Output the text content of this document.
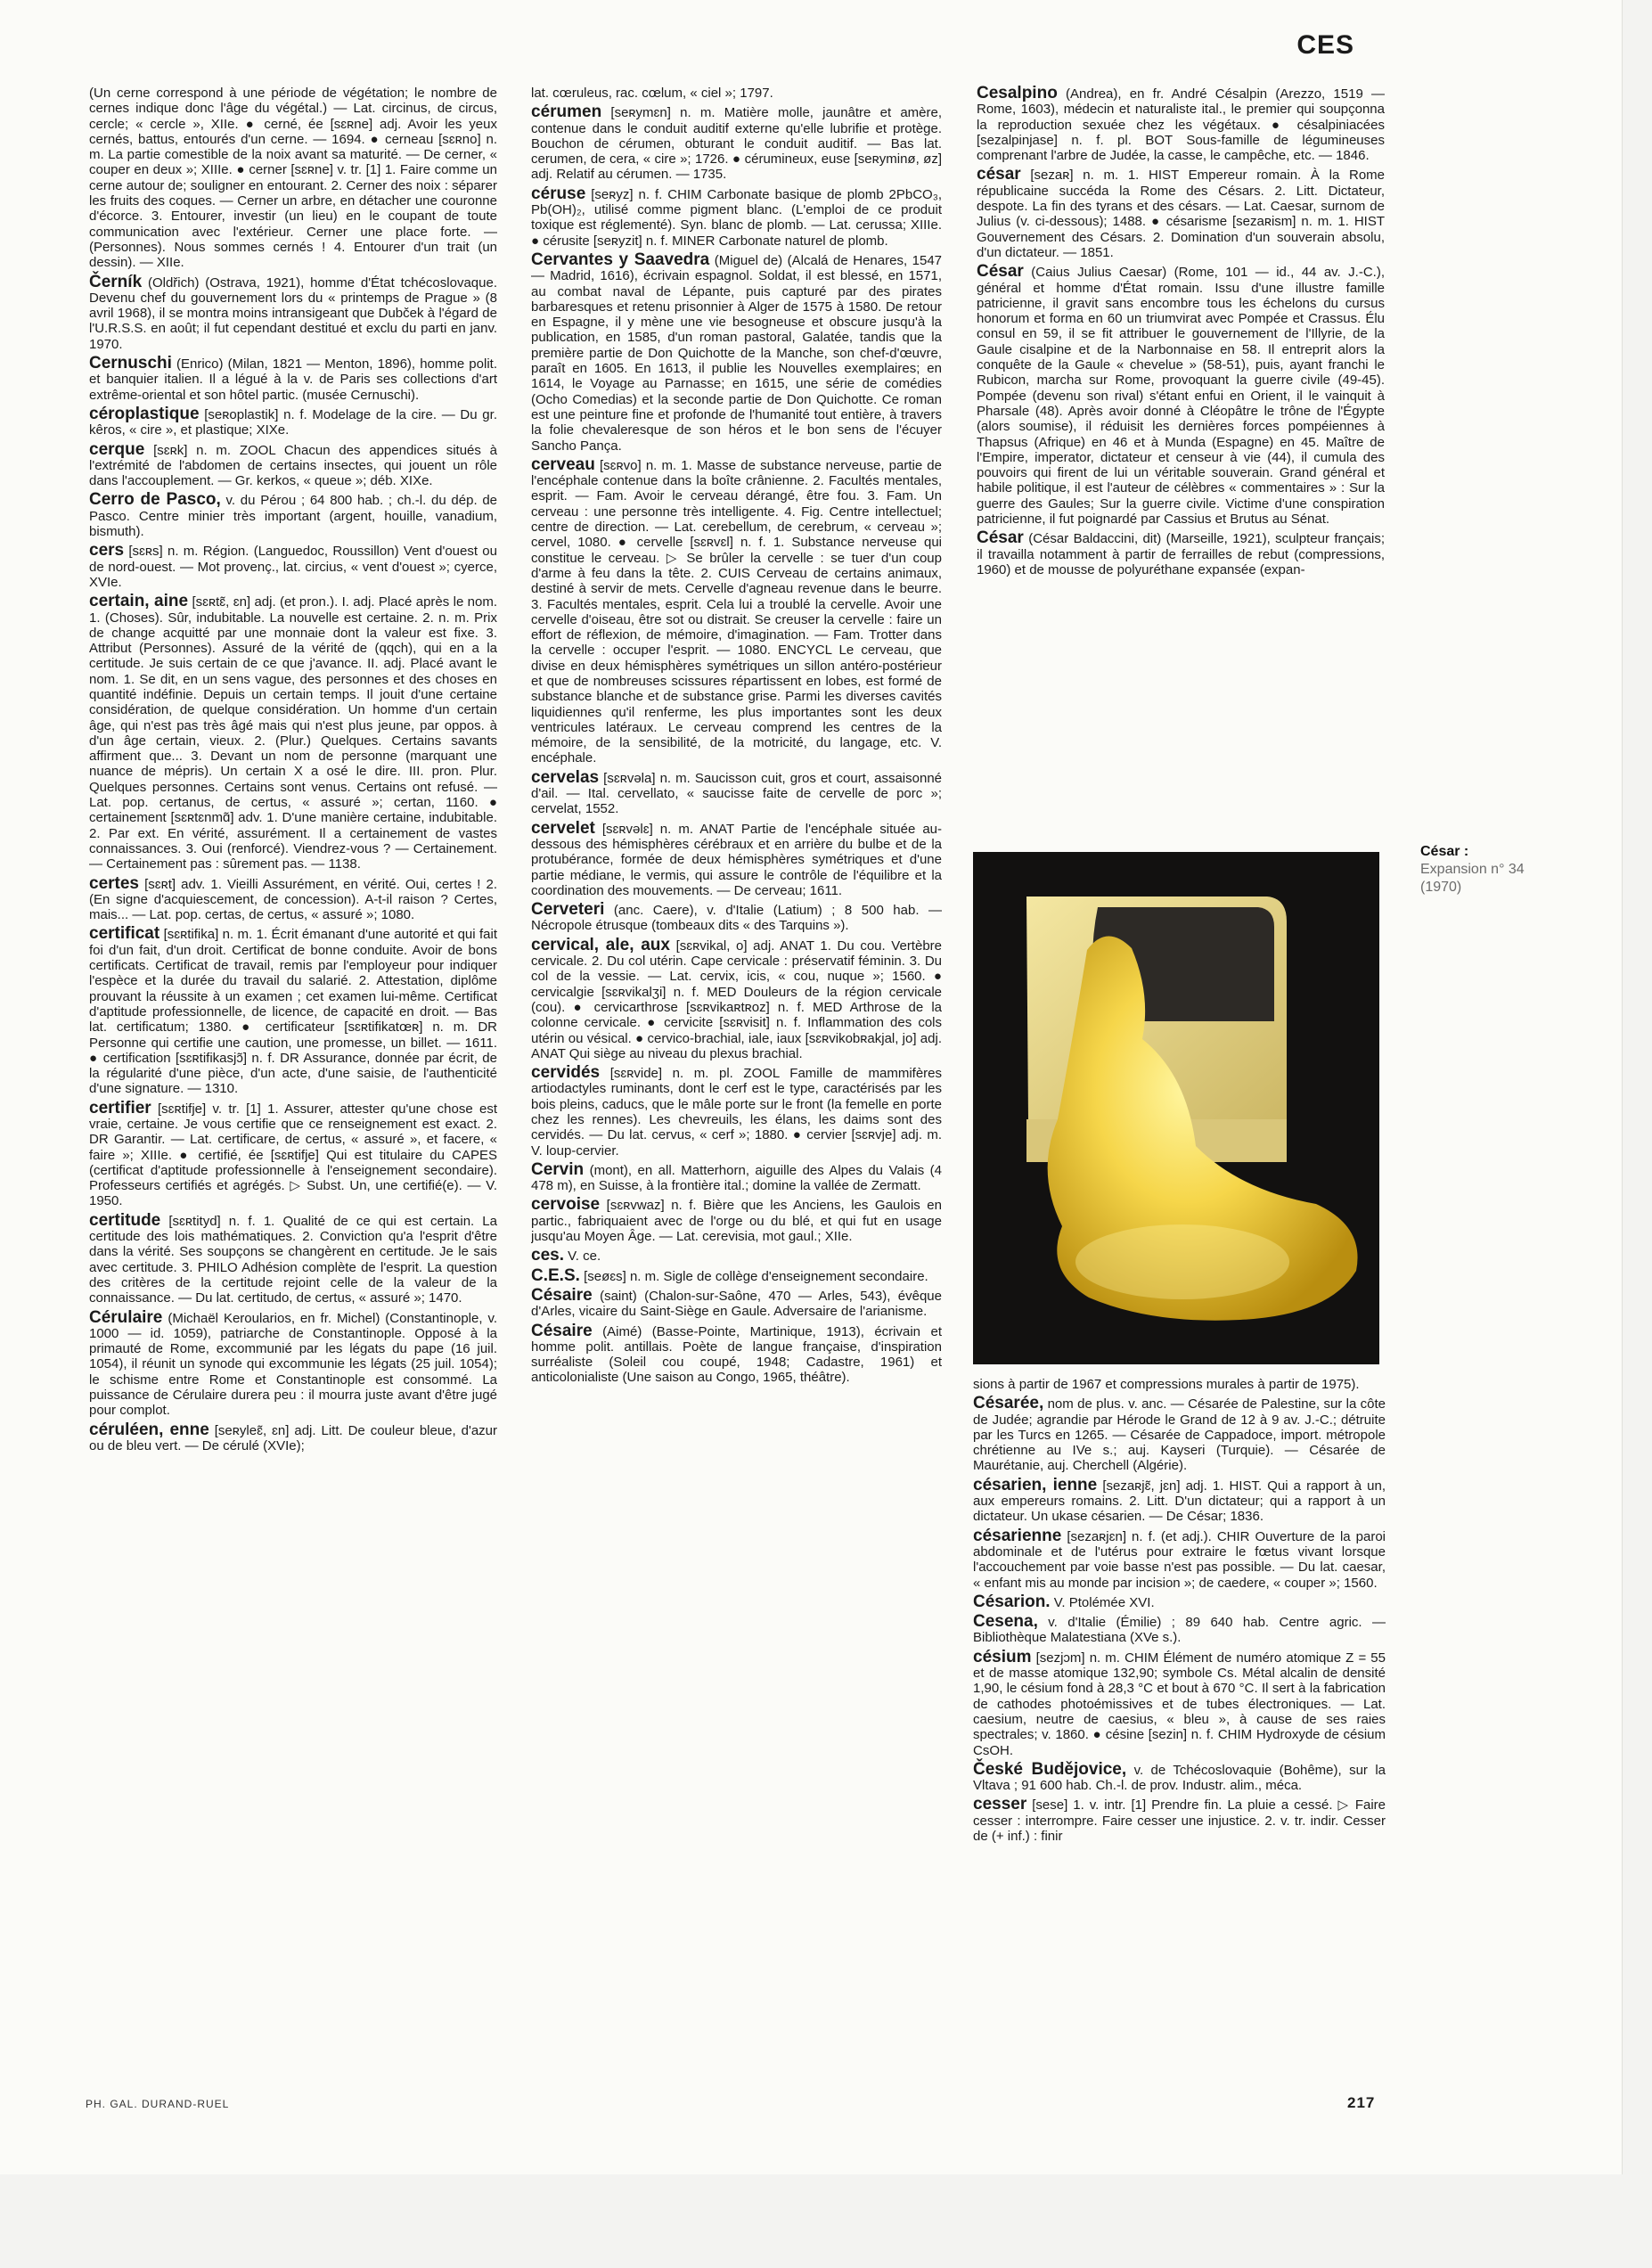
CES

(Un cerne correspond à une période de végétation; le nombre de cernes indique donc l'âge du végétal.) — Lat. circinus, de circus, cercle; « cercle », XIIe. ● cerné, ée [sɛʀne] adj. Avoir les yeux cernés, battus, entourés d'un cerne. — 1694. ● cerneau [sɛʀno] n. m. La partie comestible de la noix avant sa maturité. — De cerner, « couper en deux »; XIIIe. ● cerner [sɛʀne] v. tr. [1] 1. Faire comme un cerne autour de; souligner en entourant. 2. Cerner des noix : séparer les fruits des coques. — Cerner un arbre, en détacher une couronne d'écorce. 3. Entourer, investir (un lieu) en le coupant de toute communication avec l'extérieur. Cerner une place forte. — (Personnes). Nous sommes cernés ! 4. Entourer d'un trait (un dessin). — XIIe.

Černík (Oldřich) (Ostrava, 1921), homme d'État tchécoslovaque. Devenu chef du gouvernement lors du « printemps de Prague » (8 avril 1968), il se montra moins intransigeant que Dubček à l'égard de l'U.R.S.S. en août; il fut cependant destitué et exclu du parti en janv. 1970.

Cernuschi (Enrico) (Milan, 1821 — Menton, 1896), homme polit. et banquier italien. Il a légué à la v. de Paris ses collections d'art extrême-oriental et son hôtel partic. (musée Cernuschi).

céroplastique [seʀoplastik] n. f. Modelage de la cire. — Du gr. kêros, « cire », et plastique; XIXe.

cerque [sɛʀk] n. m. ZOOL Chacun des appendices situés à l'extrémité de l'abdomen de certains insectes, qui jouent un rôle dans l'accouplement. — Gr. kerkos, « queue »; déb. XIXe.

Cerro de Pasco, v. du Pérou ; 64 800 hab. ; ch.-l. du dép. de Pasco. Centre minier très important (argent, houille, vanadium, bismuth).

cers [sɛʀs] n. m. Région. (Languedoc, Roussillon) Vent d'ouest ou de nord-ouest. — Mot provenç., lat. circius, « vent d'ouest »; cyerce, XVIe.

certain, aine [sɛʀtɛ̃, ɛn] adj. (et pron.). I. adj. Placé après le nom. 1. (Choses). Sûr, indubitable. La nouvelle est certaine. 2. n. m. Prix de change acquitté par une monnaie dont la valeur est fixe. 3. Attribut (Personnes). Assuré de la vérité de (qqch), qui en a la certitude. Je suis certain de ce que j'avance. II. adj. Placé avant le nom. 1. Se dit, en un sens vague, des personnes et des choses en quantité indéfinie. Depuis un certain temps. Il jouit d'une certaine considération, de quelque considération. Un homme d'un certain âge, qui n'est pas très âgé mais qui n'est plus jeune, par oppos. à d'un âge certain, vieux. 2. (Plur.) Quelques. Certains savants affirment que... 3. Devant un nom de personne (marquant une nuance de mépris). Un certain X a osé le dire. III. pron. Plur. Quelques personnes. Certains sont venus. Certains ont refusé. — Lat. pop. certanus, de certus, « assuré »; certan, 1160. ● certainement [sɛʀtɛnmɑ̃] adv. 1. D'une manière certaine, indubitable. 2. Par ext. En vérité, assurément. Il a certainement de vastes connaissances. 3. Oui (renforcé). Viendrez-vous ? — Certainement. — Certainement pas : sûrement pas. — 1138.

certes [sɛʀt] adv. 1. Vieilli Assurément, en vérité. Oui, certes ! 2. (En signe d'acquiescement, de concession). A-t-il raison ? Certes, mais... — Lat. pop. certas, de certus, « assuré »; 1080.

certificat [sɛʀtifika] n. m. 1. Écrit émanant d'une autorité et qui fait foi d'un fait, d'un droit. Certificat de bonne conduite. Avoir de bons certificats. Certificat de travail, remis par l'employeur pour indiquer l'espèce et la durée du travail du salarié. 2. Attestation, diplôme prouvant la réussite à un examen ; cet examen lui-même. Certificat d'aptitude professionnelle, de licence, de capacité en droit. — Bas lat. certificatum; 1380. ● certificateur [sɛʀtifikatœʀ] n. m. DR Personne qui certifie une caution, une promesse, un billet. — 1611. ● certification [sɛʀtifikasjɔ̃] n. f. DR Assurance, donnée par écrit, de la régularité d'une pièce, d'un acte, d'une saisie, de l'authenticité d'une signature. — 1310.

certifier [sɛʀtifje] v. tr. [1] 1. Assurer, attester qu'une chose est vraie, certaine. Je vous certifie que ce renseignement est exact. 2. DR Garantir. — Lat. certificare, de certus, « assuré », et facere, « faire »; XIIIe. ● certifié, ée [sɛʀtifje] Qui est titulaire du CAPES (certificat d'aptitude professionnelle à l'enseignement secondaire). Professeurs certifiés et agrégés. ▷ Subst. Un, une certifié(e). — V. 1950.

certitude [sɛʀtityd] n. f. 1. Qualité de ce qui est certain. La certitude des lois mathématiques. 2. Conviction qu'a l'esprit d'être dans la vérité. Ses soupçons se changèrent en certitude. Je le sais avec certitude. 3. PHILO Adhésion complète de l'esprit. La question des critères de la certitude rejoint celle de la valeur de la connaissance. — Du lat. certitudo, de certus, « assuré »; 1470.

Cérulaire (Michaël Keroularios, en fr. Michel) (Constantinople, v. 1000 — id. 1059), patriarche de Constantinople. Opposé à la primauté de Rome, excommunié par les légats du pape (16 juil. 1054), il réunit un synode qui excommunie les légats (25 juil. 1054); le schisme entre Rome et Constantinople est consommé. La puissance de Cérulaire durera peu : il mourra juste avant d'être jugé pour complot.

céruléen, enne [seʀyleɛ̃, ɛn] adj. Litt. De couleur bleue, d'azur ou de bleu vert. — De cérulé (XVIe);

lat. cœruleus, rac. cœlum, « ciel »; 1797.

cérumen [seʀymɛn] n. m. Matière molle, jaunâtre et amère, contenue dans le conduit auditif externe qu'elle lubrifie et protège. Bouchon de cérumen, obturant le conduit auditif. — Bas lat. cerumen, de cera, « cire »; 1726. ● cérumineux, euse [seʀyminø, øz] adj. Relatif au cérumen. — 1735.

céruse [seʀyz] n. f. CHIM Carbonate basique de plomb 2PbCO₃, Pb(OH)₂, utilisé comme pigment blanc. (L'emploi de ce produit toxique est réglementé). Syn. blanc de plomb. — Lat. cerussa; XIIIe. ● cérusite [seʀyzit] n. f. MINER Carbonate naturel de plomb.

Cervantes y Saavedra (Miguel de) (Alcalá de Henares, 1547 — Madrid, 1616), écrivain espagnol. Soldat, il est blessé, en 1571, au combat naval de Lépante, puis capturé par des pirates barbaresques et retenu prisonnier à Alger de 1575 à 1580. De retour en Espagne, il y mène une vie besogneuse et obscure jusqu'à la publication, en 1585, d'un roman pastoral, Galatée, tandis que la première partie de Don Quichotte de la Manche, son chef-d'œuvre, paraît en 1605. En 1613, il publie les Nouvelles exemplaires; en 1614, le Voyage au Parnasse; en 1615, une série de comédies (Ocho Comedias) et la seconde partie de Don Quichotte. Ce roman est une peinture fine et profonde de l'humanité tout entière, à travers la folie chevaleresque de son héros et le bon sens de l'écuyer Sancho Pança.

cerveau [sɛʀvo] n. m. 1. Masse de substance nerveuse, partie de l'encéphale contenue dans la boîte crânienne. 2. Facultés mentales, esprit. — Fam. Avoir le cerveau dérangé, être fou. 3. Fam. Un cerveau : une personne très intelligente. 4. Fig. Centre intellectuel; centre de direction. — Lat. cerebellum, de cerebrum, « cerveau »; cervel, 1080. ● cervelle [sɛʀvɛl] n. f. 1. Substance nerveuse qui constitue le cerveau. ▷ Se brûler la cervelle : se tuer d'un coup d'arme à feu dans la tête. 2. CUIS Cerveau de certains animaux, destiné à servir de mets. Cervelle d'agneau revenue dans le beurre. 3. Facultés mentales, esprit. Cela lui a troublé la cervelle. Avoir une cervelle d'oiseau, être sot ou distrait. Se creuser la cervelle : faire un effort de réflexion, de mémoire, d'imagination. — Fam. Trotter dans la cervelle : occuper l'esprit. — 1080. ENCYCL Le cerveau, que divise en deux hémisphères symétriques un sillon antéro-postérieur et que de nombreuses scissures répartissent en lobes, est formé de substance blanche et de substance grise. Parmi les diverses cavités liquidiennes qu'il renferme, les plus importantes sont les deux ventricules latéraux. Le cerveau comprend les centres de la mémoire, de la sensibilité, de la motricité, du langage, etc. V. encéphale.

cervelas [sɛʀvəla] n. m. Saucisson cuit, gros et court, assaisonné d'ail. — Ital. cervellato, « saucisse faite de cervelle de porc »; cervelat, 1552.

cervelet [sɛʀvəlɛ] n. m. ANAT Partie de l'encéphale située au-dessous des hémisphères cérébraux et en arrière du bulbe et de la protubérance, formée de deux hémisphères symétriques et d'une partie médiane, le vermis, qui assure le contrôle de l'équilibre et la coordination des mouvements. — De cerveau; 1611.

Cerveteri (anc. Caere), v. d'Italie (Latium) ; 8 500 hab. — Nécropole étrusque (tombeaux dits « des Tarquins »).

cervical, ale, aux [sɛʀvikal, o] adj. ANAT 1. Du cou. Vertèbre cervicale. 2. Du col utérin. Cape cervicale : préservatif féminin. 3. Du col de la vessie. — Lat. cervix, icis, « cou, nuque »; 1560. ● cervicalgie [sɛʀvikalʒi] n. f. MED Douleurs de la région cervicale (cou). ● cervicarthrose [sɛʀvikaʀtʀoz] n. f. MED Arthrose de la colonne cervicale. ● cervicite [sɛʀvisit] n. f. Inflammation des cols utérin ou vésical. ● cervico-brachial, iale, iaux [sɛʀvikobʀakjal, jo] adj. ANAT Qui siège au niveau du plexus brachial.

cervidés [sɛʀvide] n. m. pl. ZOOL Famille de mammifères artiodactyles ruminants, dont le cerf est le type, caractérisés par les bois pleins, caducs, que le mâle porte sur le front (la femelle en porte chez les rennes). Les chevreuils, les élans, les daims sont des cervidés. — Du lat. cervus, « cerf »; 1880. ● cervier [sɛʀvje] adj. m. V. loup-cervier.

Cervin (mont), en all. Matterhorn, aiguille des Alpes du Valais (4 478 m), en Suisse, à la frontière ital.; domine la vallée de Zermatt.

cervoise [sɛʀvwaz] n. f. Bière que les Anciens, les Gaulois en partic., fabriquaient avec de l'orge ou du blé, et qui fut en usage jusqu'au Moyen Âge. — Lat. cerevisia, mot gaul.; XIIe.

ces. V. ce.

C.E.S. [seøɛs] n. m. Sigle de collège d'enseignement secondaire.

Césaire (saint) (Chalon-sur-Saône, 470 — Arles, 543), évêque d'Arles, vicaire du Saint-Siège en Gaule. Adversaire de l'arianisme.

Césaire (Aimé) (Basse-Pointe, Martinique, 1913), écrivain et homme polit. antillais. Poète de langue française, d'inspiration surréaliste (Soleil cou coupé, 1948; Cadastre, 1961) et anticolonialiste (Une saison au Congo, 1965, théâtre).

Cesalpino (Andrea), en fr. André Césalpin (Arezzo, 1519 — Rome, 1603), médecin et naturaliste ital., le premier qui soupçonna la reproduction sexuée chez les végétaux. ● césalpiniacées [sezalpinjase] n. f. pl. BOT Sous-famille de légumineuses comprenant l'arbre de Judée, la casse, le campêche, etc. — 1846.

césar [sezaʀ] n. m. 1. HIST Empereur romain. À la Rome républicaine succéda la Rome des Césars. 2. Litt. Dictateur, despote. La fin des tyrans et des césars. — Lat. Caesar, surnom de Julius (v. ci-dessous); 1488. ● césarisme [sezaʀism] n. m. 1. HIST Gouvernement des Césars. 2. Domination d'un souverain absolu, d'un dictateur. — 1851.

César (Caius Julius Caesar) (Rome, 101 — id., 44 av. J.-C.), général et homme d'État romain. Issu d'une illustre famille patricienne, il gravit sans encombre tous les échelons du cursus honorum et forma en 60 un triumvirat avec Pompée et Crassus. Élu consul en 59, il se fit attribuer le gouvernement de l'Illyrie, de la Gaule cisalpine et de la Narbonnaise en 58. Il entreprit alors la conquête de la Gaule « chevelue » (58-51), puis, ayant franchi le Rubicon, marcha sur Rome, provoquant la guerre civile (49-45). Pompée (devenu son rival) s'étant enfui en Orient, il le vainquit à Pharsale (48). Après avoir donné à Cléopâtre le trône de l'Égypte (alors soumise), il réduisit les dernières forces pompéiennes à Thapsus (Afrique) en 46 et à Munda (Espagne) en 45. Maître de l'Empire, imperator, dictateur et censeur à vie (44), il cumula des pouvoirs qui firent de lui un véritable souverain. Grand général et habile politique, il est l'auteur de célèbres « commentaires » : Sur la guerre des Gaules; Sur la guerre civile. Victime d'une conspiration patricienne, il fut poignardé par Cassius et Brutus au Sénat.

César (César Baldaccini, dit) (Marseille, 1921), sculpteur français; il travailla notamment à partir de ferrailles de rebut (compressions, 1960) et de mousse de polyuréthane expansée (expan-

César :
Expansion n° 34
(1970)

sions à partir de 1967 et compressions murales à partir de 1975).

Césarée, nom de plus. v. anc. — Césarée de Palestine, sur la côte de Judée; agrandie par Hérode le Grand de 12 à 9 av. J.-C.; détruite par les Turcs en 1265. — Césarée de Cappadoce, import. métropole chrétienne au IVe s.; auj. Kayseri (Turquie). — Césarée de Maurétanie, auj. Cherchell (Algérie).

césarien, ienne [sezaʀjɛ̃, jɛn] adj. 1. HIST. Qui a rapport à un, aux empereurs romains. 2. Litt. D'un dictateur; qui a rapport à un dictateur. Un ukase césarien. — De César; 1836.

césarienne [sezaʀjɛn] n. f. (et adj.). CHIR Ouverture de la paroi abdominale et de l'utérus pour extraire le fœtus vivant lorsque l'accouchement par voie basse n'est pas possible. — Du lat. caesar, « enfant mis au monde par incision »; de caedere, « couper »; 1560.

Césarion. V. Ptolémée XVI.

Cesena, v. d'Italie (Émilie) ; 89 640 hab. Centre agric. — Bibliothèque Malatestiana (XVe s.).

césium [sezjɔm] n. m. CHIM Élément de numéro atomique Z = 55 et de masse atomique 132,90; symbole Cs. Métal alcalin de densité 1,90, le césium fond à 28,3 °C et bout à 670 °C. Il sert à la fabrication de cathodes photoémissives et de tubes électroniques. — Lat. caesium, neutre de caesius, « bleu », à cause de ses raies spectrales; v. 1860. ● césine [sezin] n. f. CHIM Hydroxyde de césium CsOH.

České Budějovice, v. de Tchécoslovaquie (Bohême), sur la Vltava ; 91 600 hab. Ch.-l. de prov. Industr. alim., méca.

cesser [sese] 1. v. intr. [1] Prendre fin. La pluie a cessé. ▷ Faire cesser : interrompre. Faire cesser une injustice. 2. v. tr. indir. Cesser de (+ inf.) : finir

PH. GAL. DURAND-RUEL	217
